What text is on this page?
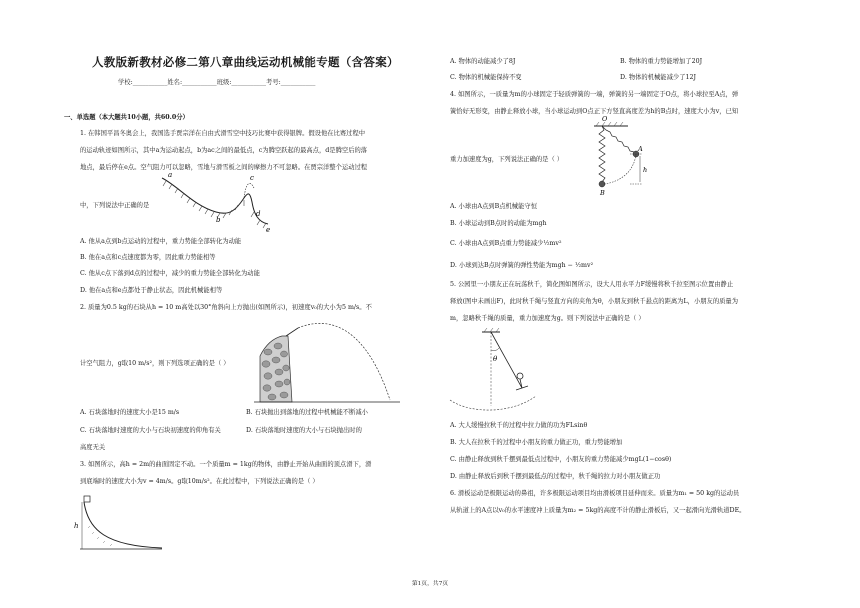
人教版新教材必修二第八章曲线运动机械能专题（含答案）
学校:___________姓名:___________班级:___________考号:___________
一、单选题（本大题共10小题，共60.0分）
1. 在韩国平昌冬奥会上，我国选手贾宗洋在自由式滑雪空中技巧比赛中获得银牌。假设他在比赛过程中
的运动轨迹如图所示，其中a为运动起点，b为ac之间的最低点，c为腾空跃起的最高点，d是腾空后的落
地点，最后停在e点。空气阻力可以忽略，雪地与滑雪板之间的摩擦力不可忽略。在贾宗洋整个运动过程
中，下列说法中正确的是
a
b
c
d
e
A. 他从a点到b点运动的过程中，重力势能全部转化为动能
B. 他在a点和c点速度都为零，因此重力势能相等
C. 他从c点下落到d点的过程中，减少的重力势能全部转化为动能
D. 他在a点和e点都处于静止状态，因此机械能相等
2. 质量为0.5 kg的石块从h = 10 m高处以30°角斜向上方抛出(如图所示)，初速度v₀的大小为5 m/s。不
计空气阻力，g取10 m/s²，则下列选项正确的是（ ）
A. 石块落地时的速度大小是15 m/s	B. 石块抛出到落地的过程中机械能不断减小
C. 石块落地时速度的大小与石块初速度的仰角有关	D. 石块落地时速度的大小与石块抛出时的
高度无关
3. 如图所示，高h = 2m的曲面固定不动。一个质量m = 1kg的物体，由静止开始从曲面的顶点滑下，滑
到底端时的速度大小为v = 4m/s。g取10m/s²。在此过程中，下列说法正确的是（ ）
h
A. 物体的动能减少了8J	B. 物体的重力势能增加了20J
C. 物体的机械能保持不变	D. 物体的机械能减少了12J
4. 如图所示，一质量为m的小球固定于轻质弹簧的一端，弹簧的另一端固定于O点，将小球拉至A点，弹
簧恰好无形变，由静止释放小球，当小球运动到O点正下方竖直高度差为h的B点时，速度大小为v，已知
重力加速度为g，下列说法正确的是（ ）
O
A
B
h
A. 小球由A点到B点机械能守恒
B. 小球运动到B点时的动能为mgh
C. 小球由A点到B点重力势能减少½mv²
D. 小球到达B点时弹簧的弹性势能为mgh − ½mv²
5. 公园里一小朋友正在玩荡秋千，简化图如图所示，设大人用水平力F缓慢将秋千拉至图示位置由静止
释放(图中未画出F)，此时秋千绳与竖直方向的夹角为θ，小朋友到秋千悬点的距离为L，小朋友的质量为
m，忽略秋千绳的质量，重力加速度为g。则下列说法中正确的是（ ）
θ
A. 大人缓慢拉秋千的过程中拉力做的功为FLsinθ
B. 大人在拉秋千的过程中小朋友的重力做正功，重力势能增加
C. 由静止释放到秋千摆到最低点过程中，小朋友的重力势能减少mgL(1−cosθ)
D. 由静止释放后到秋千摆到最低点的过程中，秋千绳的拉力对小朋友做正功
6. 滑板运动是极限运动的鼻祖，许多极限运动项目均由滑板项目延伸而来。质量为m₁ = 50 kg的运动员
从轨道上的A点以v₀的水平速度冲上质量为m₂ = 5kg的高度不计的静止滑板后，又一起滑向光滑轨道DE。
第1页，共7页
